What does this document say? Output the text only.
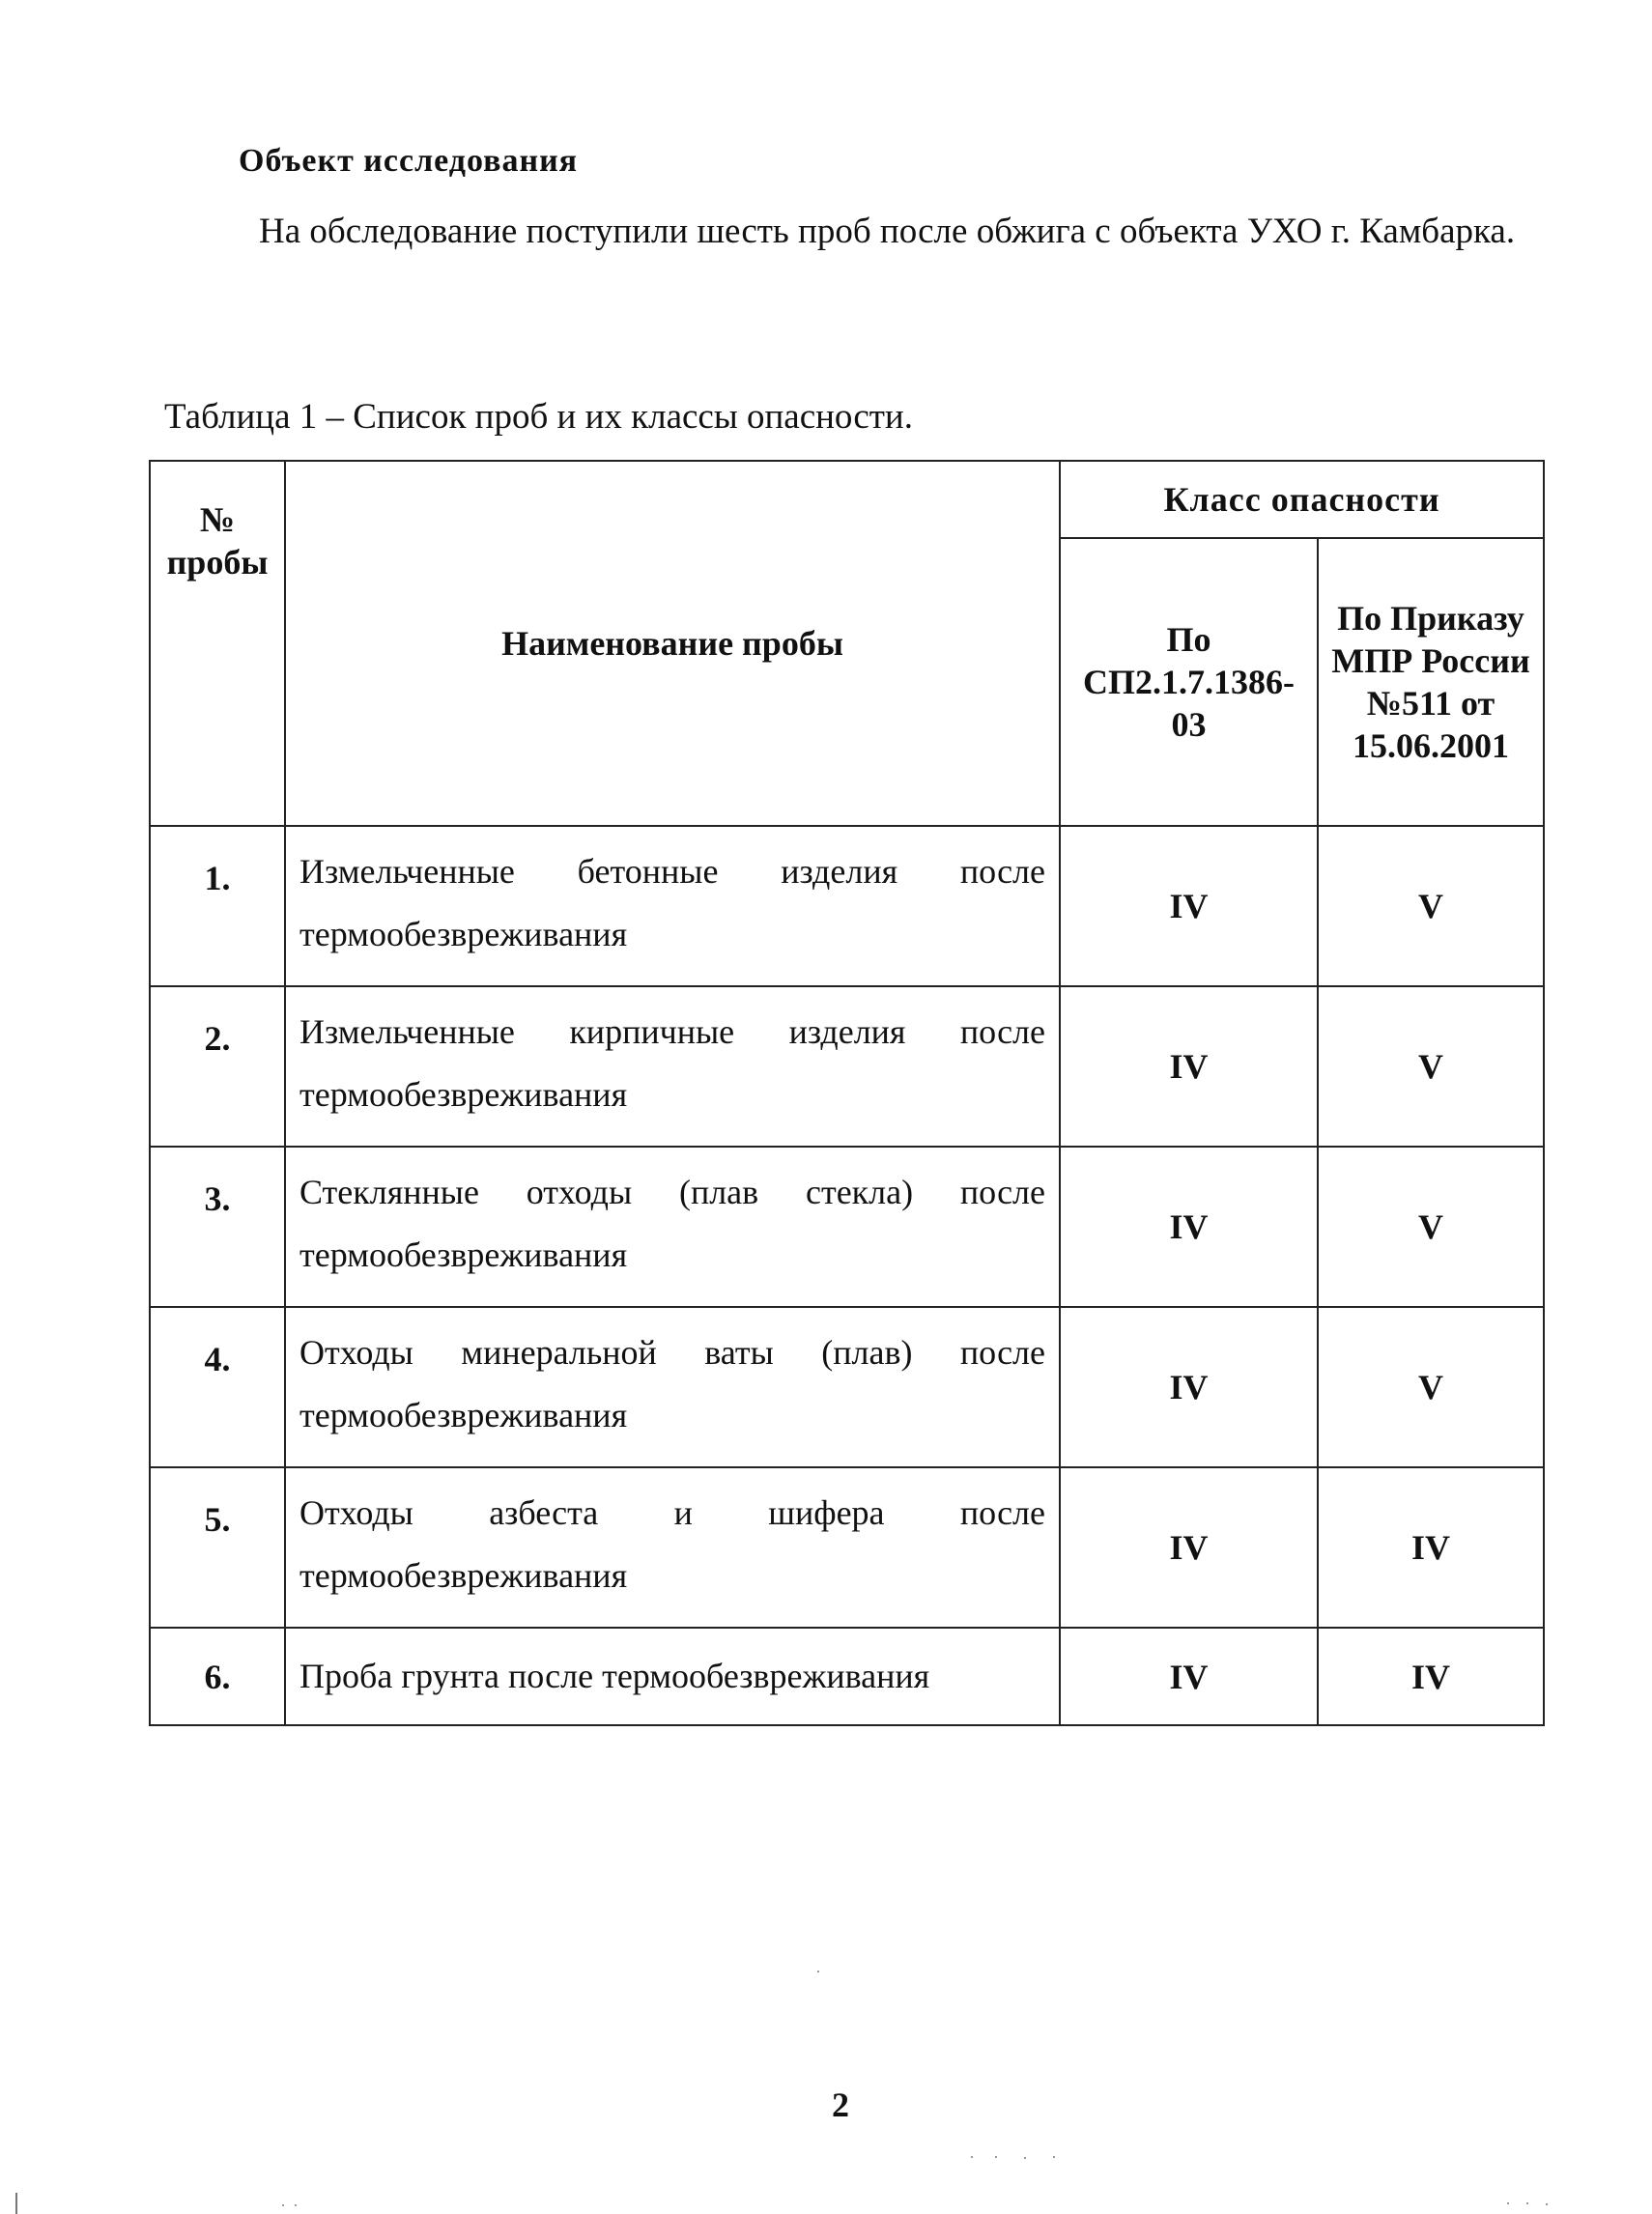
Объект исследования

На обследование поступили шесть проб после обжига с объекта УХО г. Камбарка.

Таблица 1 – Список проб и их классы опасности.

№ пробы	Наименование пробы	Класс опасности	
		По СП2.1.7.1386-03	По Приказу МПР России №511 от 15.06.2001
1.	Измельченные бетонные изделия после термообезвреживания	IV	V
2.	Измельченные кирпичные изделия после термообезвреживания	IV	V
3.	Стеклянные отходы (плав стекла) после термообезвреживания	IV	V
4.	Отходы минеральной ваты (плав) после термообезвреживания	IV	V
5.	Отходы азбеста и шифера после термообезвреживания	IV	IV
6.	Проба грунта после термообезвреживания	IV	IV
2
